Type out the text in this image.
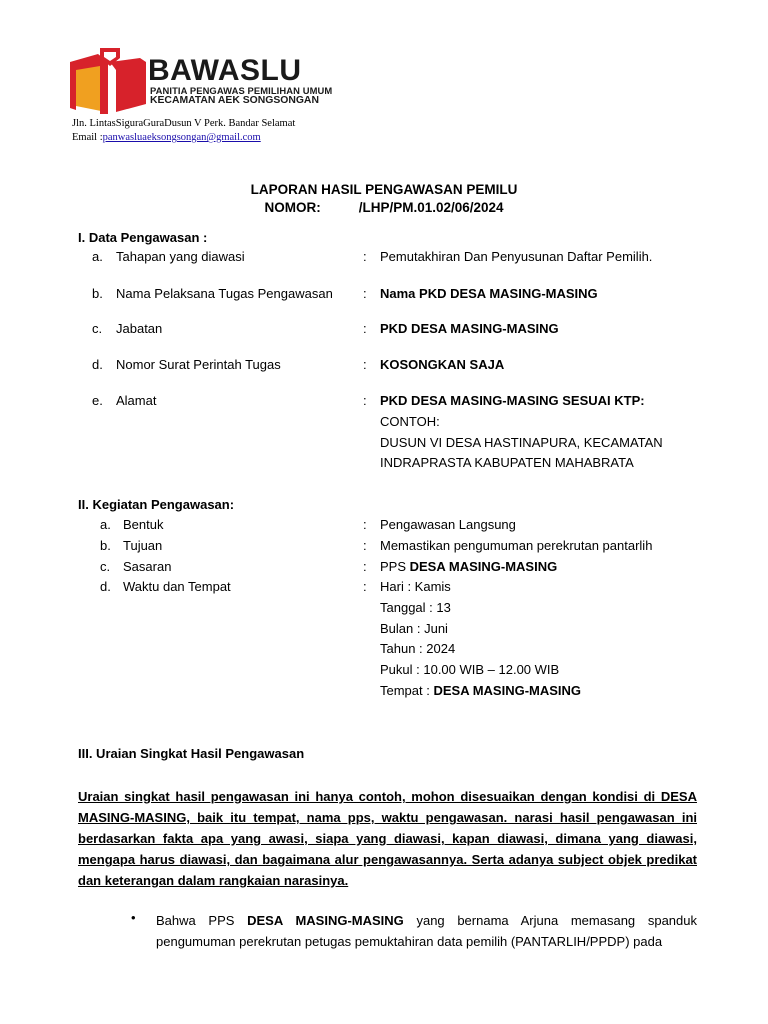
BAWASLU
PANITIA PENGAWAS PEMILIHAN UMUM
KECAMATAN AEK SONGSONGAN
Jln. LintasSiguraGuraDusun V Perk. Bandar Selamat
Email :panwasluaeksongsongan@gmail.com
LAPORAN HASIL PENGAWASAN PEMILU
NOMOR:	/LHP/PM.01.02/06/2024
I. Data Pengawasan :
a. Tahapan yang diawasi	: Pemutakhiran Dan Penyusunan Daftar Pemilih.
b. Nama Pelaksana Tugas Pengawasan : Nama PKD DESA MASING-MASING
c. Jabatan	: PKD DESA MASING-MASING
d. Nomor Surat Perintah Tugas	: KOSONGKAN SAJA
e. Alamat	: PKD DESA MASING-MASING SESUAI KTP:
CONTOH:
DUSUN VI DESA HASTINAPURA, KECAMATAN
INDRAPRASTA KABUPATEN MAHABRATA
II. Kegiatan Pengawasan:
a. Bentuk	: Pengawasan Langsung
b. Tujuan	: Memastikan pengumuman perekrutan pantarlih
c. Sasaran	: PPS DESA MASING-MASING
d. Waktu dan Tempat	: Hari : Kamis
Tanggal : 13
Bulan : Juni
Tahun : 2024
Pukul : 10.00 WIB – 12.00 WIB
Tempat : DESA MASING-MASING
III. Uraian Singkat Hasil Pengawasan
Uraian singkat hasil pengawasan ini hanya contoh, mohon disesuaikan dengan kondisi di DESA MASING-MASING, baik itu tempat, nama pps, waktu pengawasan. narasi hasil pengawasan ini berdasarkan fakta apa yang awasi, siapa yang diawasi, kapan diawasi, dimana yang diawasi, mengapa harus diawasi, dan bagaimana alur pengawasannya. Serta adanya subject objek predikat dan keterangan dalam rangkaian narasinya.
• Bahwa PPS DESA MASING-MASING yang bernama Arjuna memasang spanduk pengumuman perekrutan petugas pemuktahiran data pemilih (PANTARLIH/PPDP) pada
